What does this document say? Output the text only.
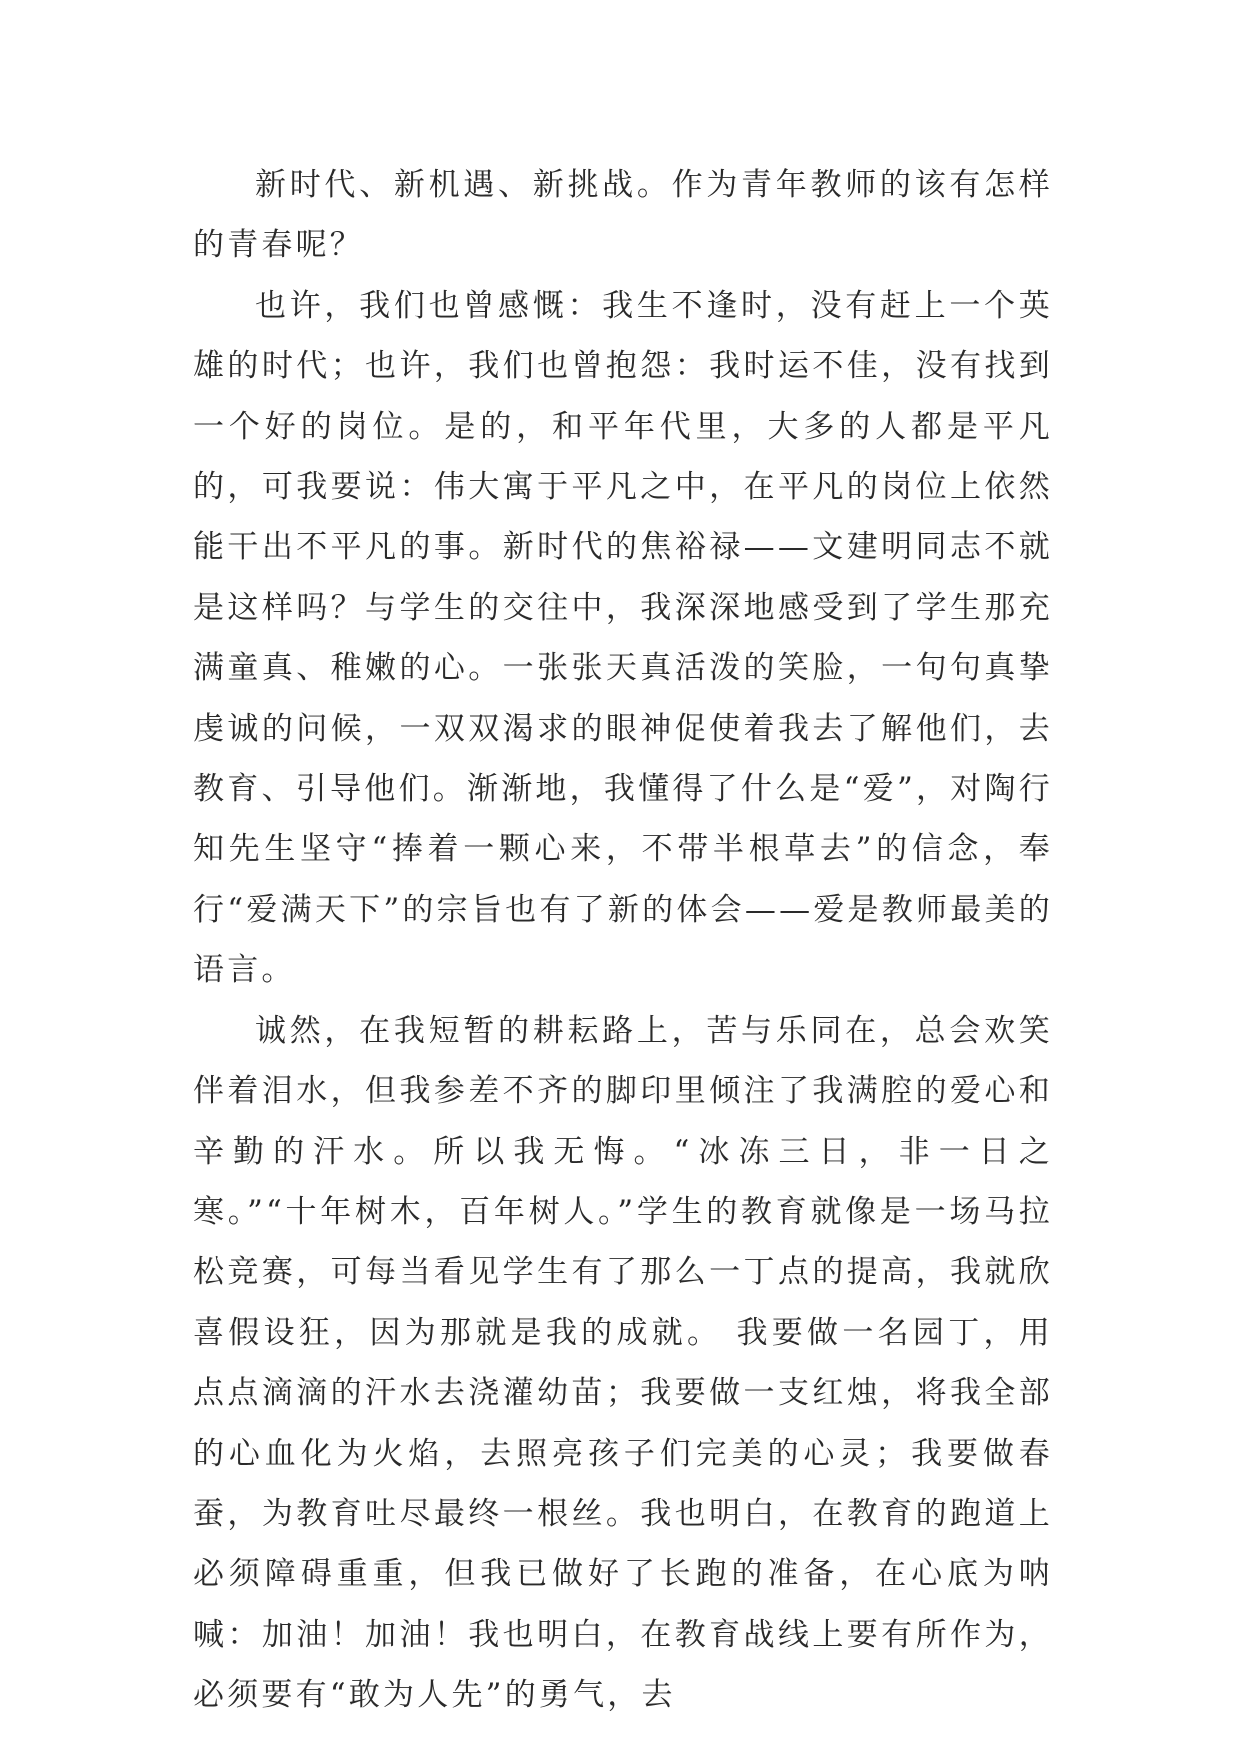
新时代、新机遇、新挑战。作为青年教师的该有怎样的青春呢？

也许，我们也曾感慨：我生不逢时，没有赶上一个英雄的时代；也许，我们也曾抱怨：我时运不佳，没有找到一个好的岗位。是的，和平年代里，大多的人都是平凡的，可我要说：伟大寓于平凡之中，在平凡的岗位上依然能干出不平凡的事。新时代的焦裕禄——文建明同志不就是这样吗？与学生的交往中，我深深地感受到了学生那充满童真、稚嫩的心。一张张天真活泼的笑脸，一句句真挚虔诚的问候，一双双渴求的眼神促使着我去了解他们，去教育、引导他们。渐渐地，我懂得了什么是“爱”，对陶行知先生坚守“捧着一颗心来，不带半根草去”的信念，奉行“爱满天下”的宗旨也有了新的体会——爱是教师最美的语言。

诚然，在我短暂的耕耘路上，苦与乐同在，总会欢笑伴着泪水，但我参差不齐的脚印里倾注了我满腔的爱心和辛勤的汗水。所以我无悔。“冰冻三日，非一日之寒。”“十年树木，百年树人。”学生的教育就像是一场马拉松竞赛，可每当看见学生有了那么一丁点的提高，我就欣喜假设狂，因为那就是我的成就。 我要做一名园丁，用点点滴滴的汗水去浇灌幼苗；我要做一支红烛，将我全部的心血化为火焰，去照亮孩子们完美的心灵；我要做春蚕，为教育吐尽最终一根丝。我也明白，在教育的跑道上必须障碍重重，但我已做好了长跑的准备，在心底为呐喊：加油！加油！我也明白，在教育战线上要有所作为，必须要有“敢为人先”的勇气，去
